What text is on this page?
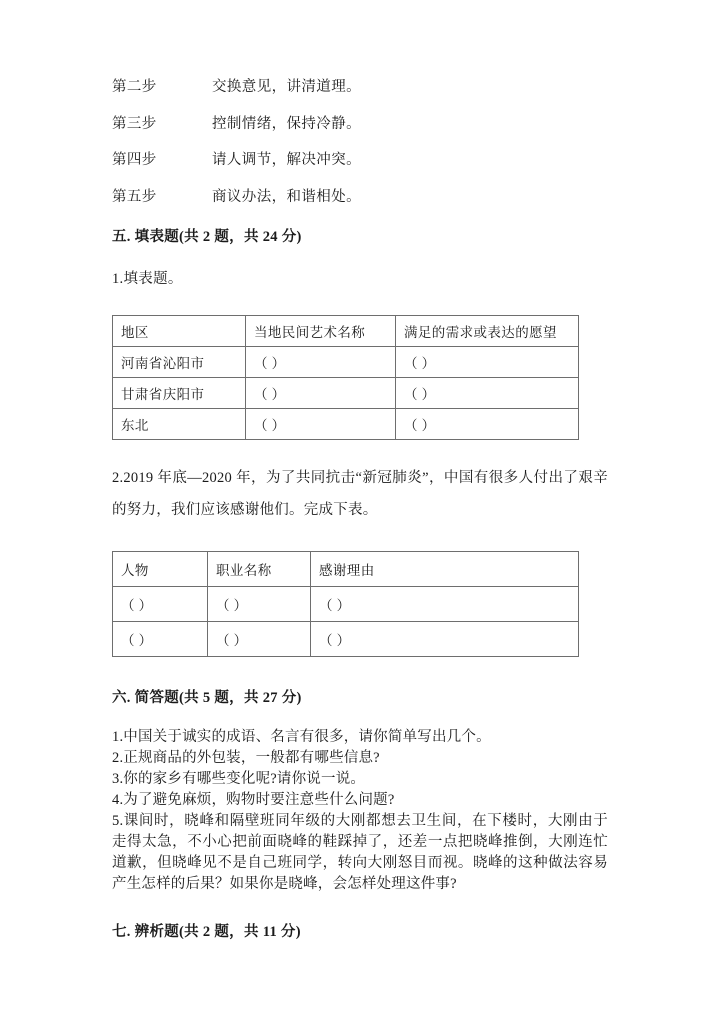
第二步	交换意见，讲清道理。
第三步	控制情绪，保持冷静。
第四步	请人调节，解决冲突。
第五步	商议办法，和谐相处。
五. 填表题(共 2 题，共 24 分)
1.填表题。
地区	当地民间艺术名称	满足的需求或表达的愿望
河南省沁阳市	（ ）	（ ）
甘肃省庆阳市	（ ）	（ ）
东北	（ ）	（ ）
2.2019 年底—2020 年，为了共同抗击“新冠肺炎”，中国有很多人付出了艰辛的努力，我们应该感谢他们。完成下表。
人物	职业名称	感谢理由
（ ）	（ ）	（ ）
（ ）	（ ）	（ ）
六. 简答题(共 5 题，共 27 分)
1.中国关于诚实的成语、名言有很多，请你简单写出几个。
2.正规商品的外包装，一般都有哪些信息?
3.你的家乡有哪些变化呢?请你说一说。
4.为了避免麻烦，购物时要注意些什么问题?
5.课间时，晓峰和隔壁班同年级的大刚都想去卫生间，在下楼时，大刚由于走得太急，不小心把前面晓峰的鞋踩掉了，还差一点把晓峰推倒，大刚连忙道歉，但晓峰见不是自己班同学，转向大刚怒目而视。晓峰的这种做法容易产生怎样的后果？如果你是晓峰，会怎样处理这件事?
七. 辨析题(共 2 题，共 11 分)
